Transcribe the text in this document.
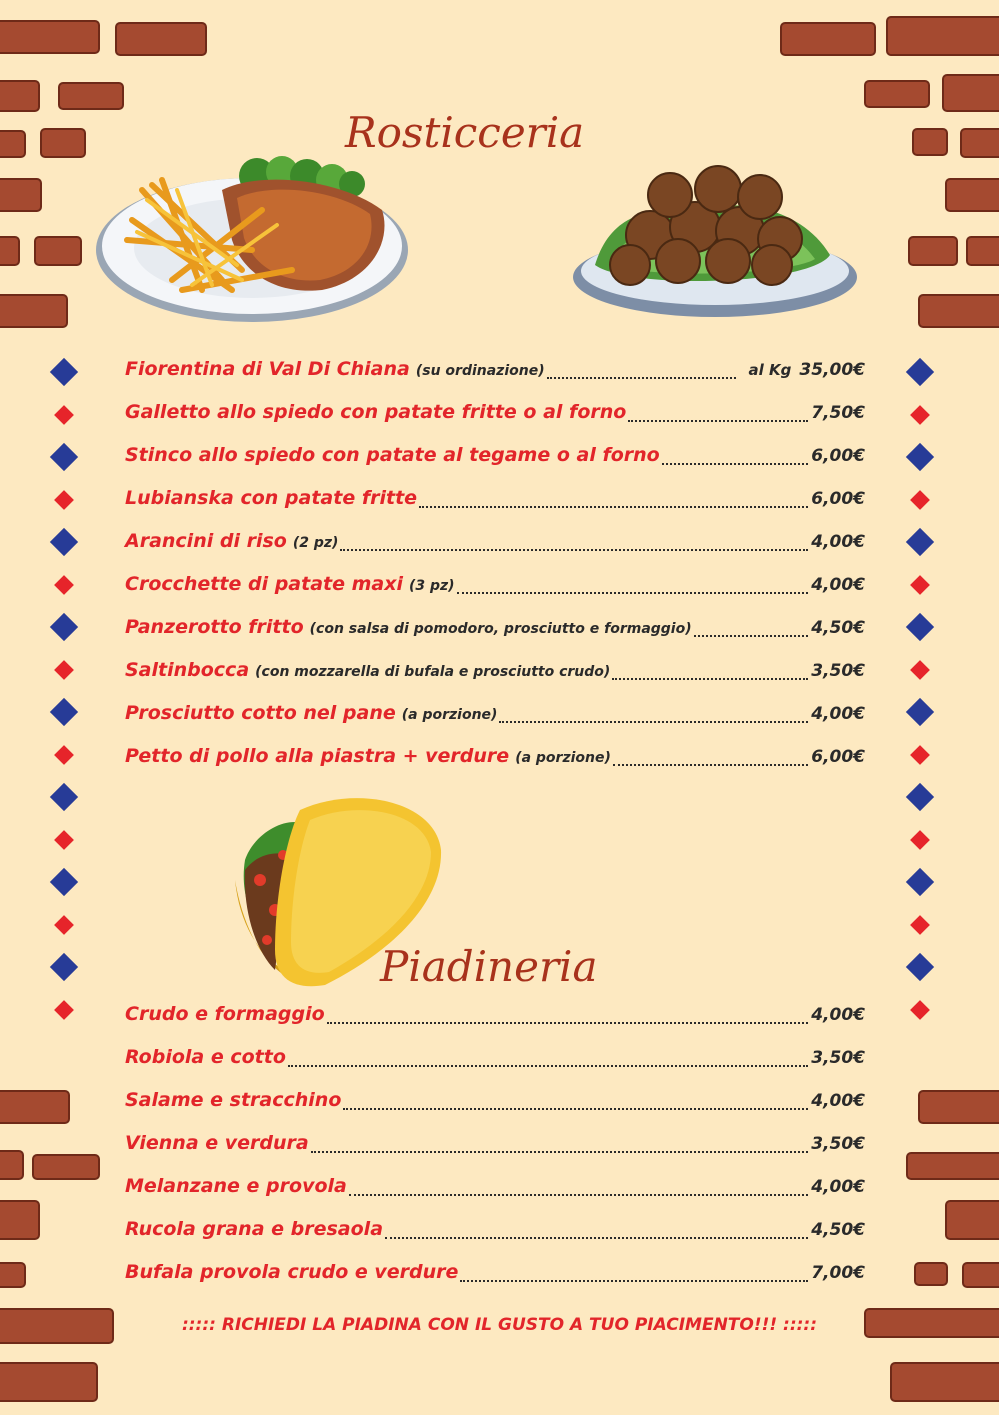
Rosticceria
Piadineria
Fiorentina di Val Di Chiana (su ordinazione)	al Kg 35,00€
Galletto allo spiedo con patate fritte o al forno	7,50€
Stinco allo spiedo con patate al tegame o al forno	6,00€
Lubianska con patate fritte	6,00€
Arancini di riso (2 pz)	4,00€
Crocchette di patate maxi (3 pz)	4,00€
Panzerotto fritto (con salsa di pomodoro, prosciutto e formaggio)	4,50€
Saltinbocca (con mozzarella di bufala e prosciutto crudo)	3,50€
Prosciutto cotto nel pane (a porzione)	4,00€
Petto di pollo alla piastra + verdure (a porzione)	6,00€
Crudo e formaggio	4,00€
Robiola e cotto	3,50€
Salame e stracchino	4,00€
Vienna e verdura	3,50€
Melanzane e provola	4,00€
Rucola grana e bresaola	4,50€
Bufala provola crudo e verdure	7,00€
::::: RICHIEDI LA PIADINA CON IL GUSTO A TUO PIACIMENTO!!! :::::
